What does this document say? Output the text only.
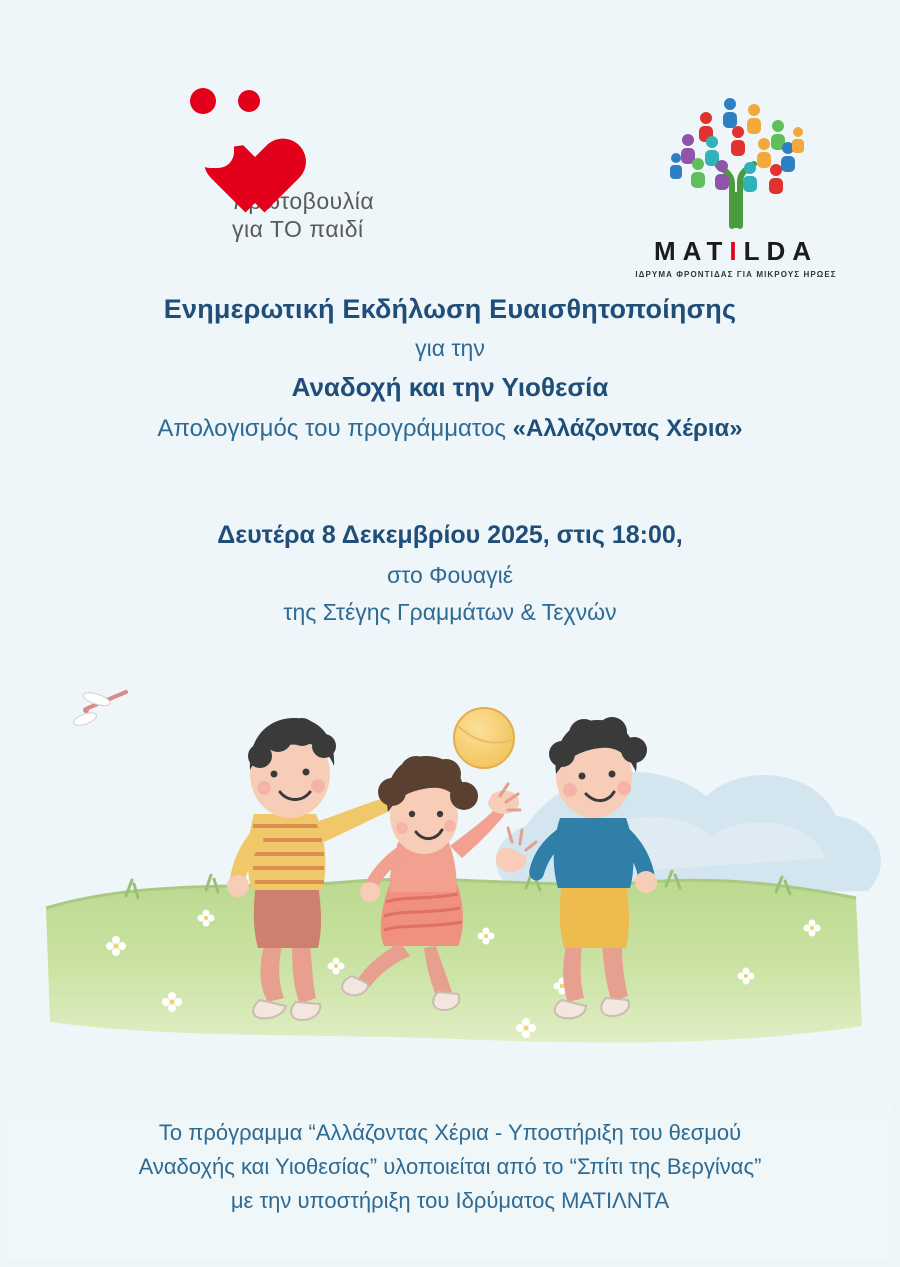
πρωτοβουλία
για ΤΟ παιδί
MATILDA
ΙΔΡΥΜΑ ΦΡΟΝΤΙΔΑΣ ΓΙΑ ΜΙΚΡΟΥΣ ΗΡΩΕΣ
Ενημερωτική Εκδήλωση Ευαισθητοποίησης
για την
Αναδοχή και την Υιοθεσία
Απολογισμός του προγράμματος «Αλλάζοντας Χέρια»
Δευτέρα 8 Δεκεμβρίου 2025, στις 18:00,
στο Φουαγιέ
της Στέγης Γραμμάτων & Τεχνών
Το πρόγραμμα “Αλλάζοντας Χέρια - Υποστήριξη του θεσμού
Αναδοχής και Υιοθεσίας” υλοποιείται από το “Σπίτι της Βεργίνας”
με την υποστήριξη του Ιδρύματος ΜΑΤΙΛΝΤΑ
